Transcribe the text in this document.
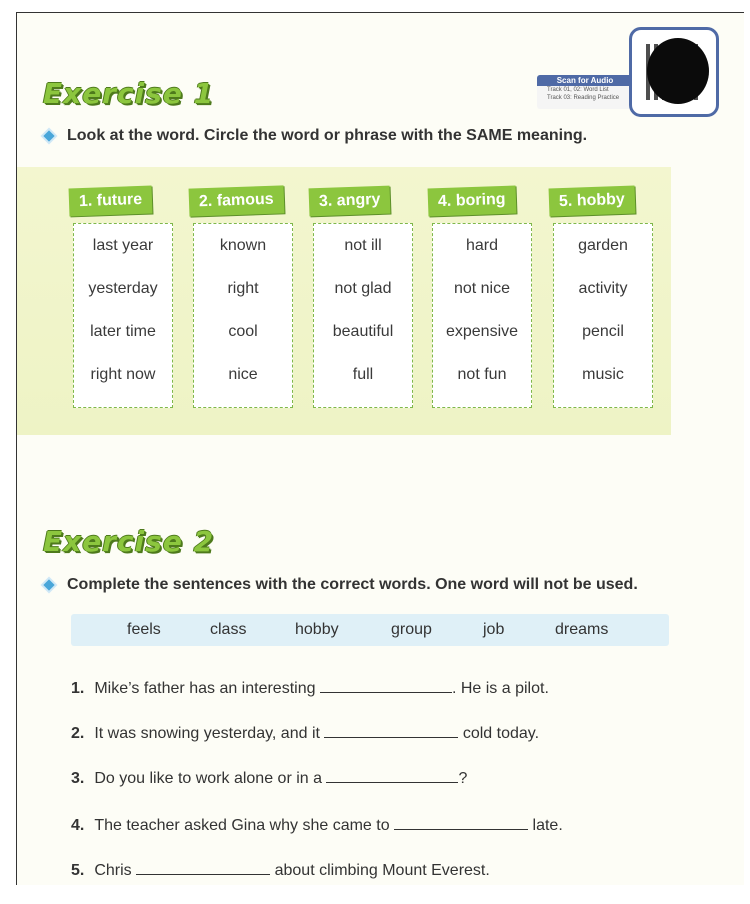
Exercise 1	Scan for Audio
Track 01, 02: Word List
Track 03: Reading Practice
Look at the word. Circle the word or phrase with the SAME meaning.
1. future
last year
yesterday
later time
right now
2. famous
known
right
cool
nice
3. angry
not ill
not glad
beautiful
full
4. boring
hard
not nice
expensive
not fun
5. hobby
garden
activity
pencil
music
Exercise 2
Complete the sentences with the correct words. One word will not be used.
feels	class	hobby	group	job	dreams
1. Mike’s father has an interesting	. He is a pilot.
2. It was snowing yesterday, and it	cold today.
3. Do you like to work alone or in a	?
4. The teacher asked Gina why she came to	late.
5. Chris	about climbing Mount Everest.
